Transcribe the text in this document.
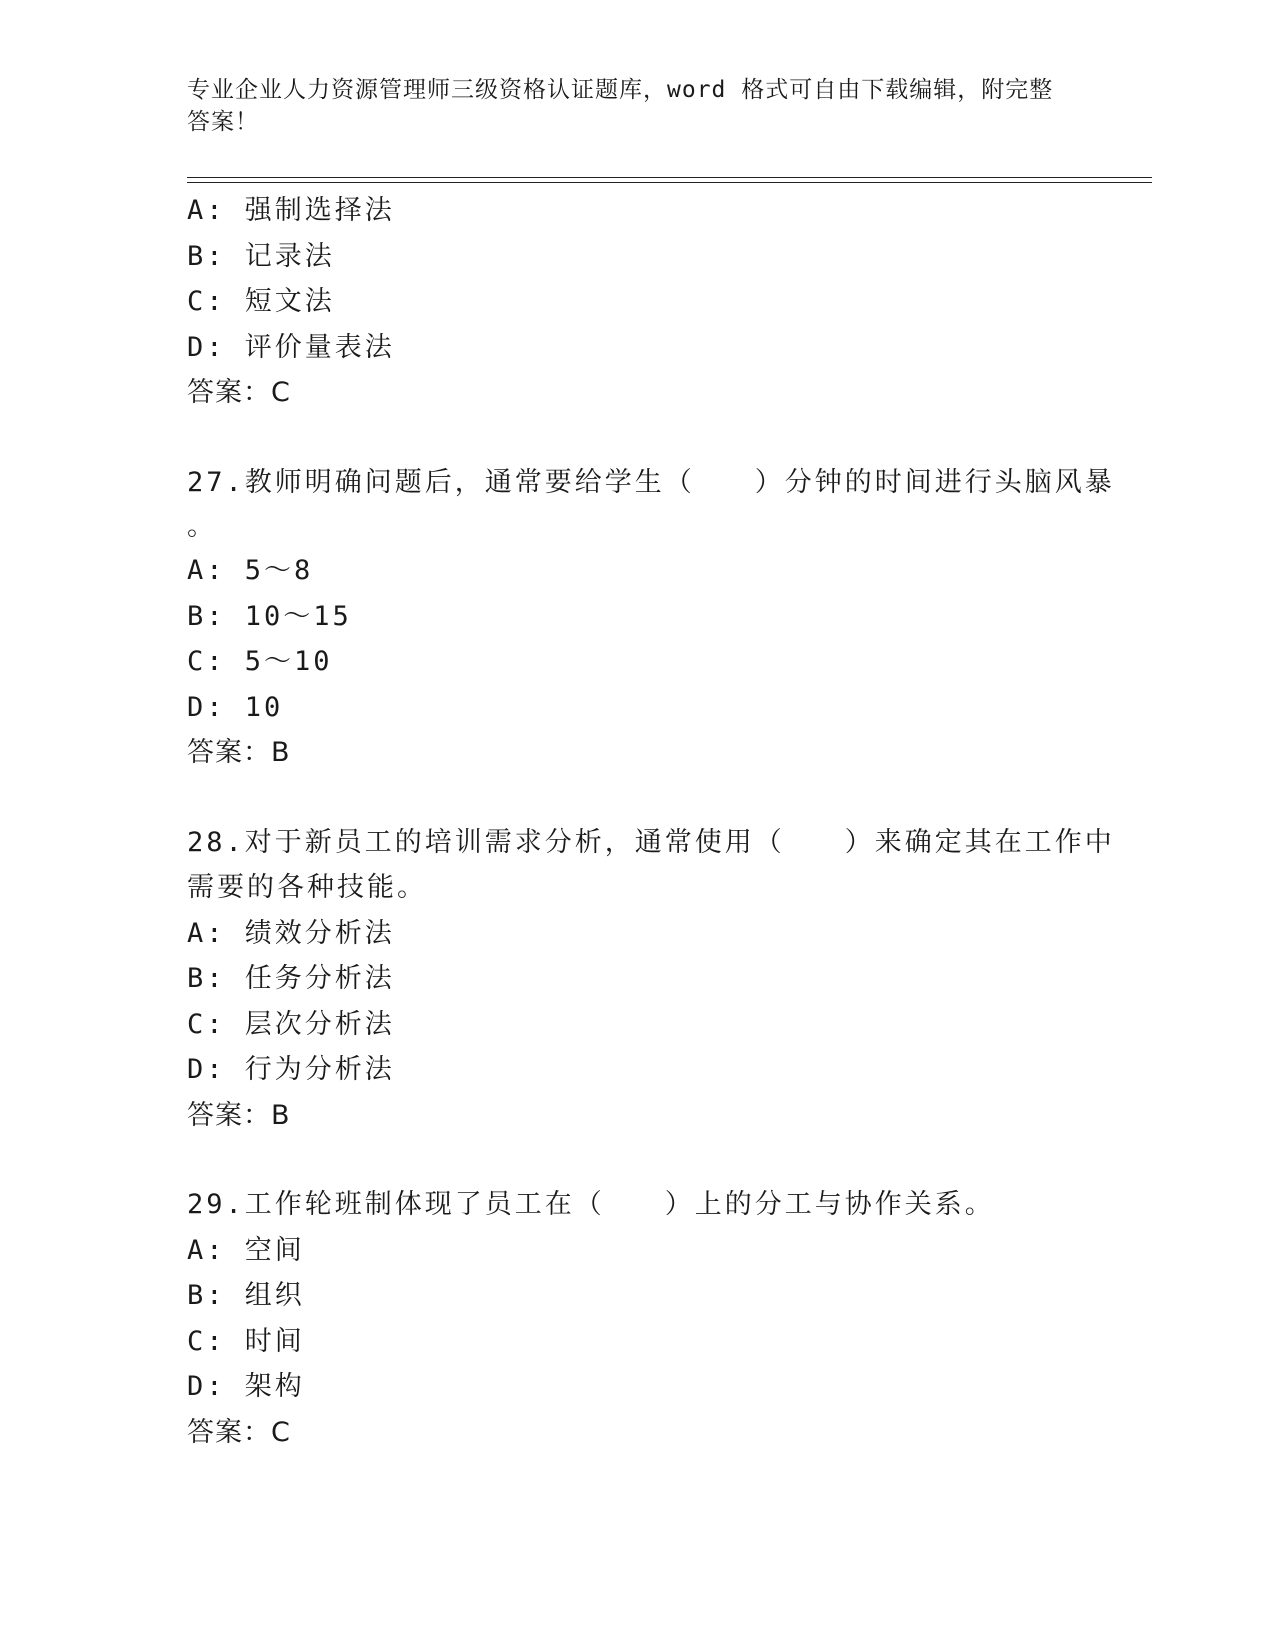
专业企业人力资源管理师三级资格认证题库，word 格式可自由下载编辑，附完整
答案！
A: 强制选择法
B: 记录法
C: 短文法
D: 评价量表法
答案：C
27.教师明确问题后，通常要给学生（　　）分钟的时间进行头脑风暴
。
A: 5～8
B: 10～15
C: 5～10
D: 10
答案：B
28.对于新员工的培训需求分析，通常使用（　　）来确定其在工作中
需要的各种技能。
A: 绩效分析法
B: 任务分析法
C: 层次分析法
D: 行为分析法
答案：B
29.工作轮班制体现了员工在（　　）上的分工与协作关系。
A: 空间
B: 组织
C: 时间
D: 架构
答案：C
